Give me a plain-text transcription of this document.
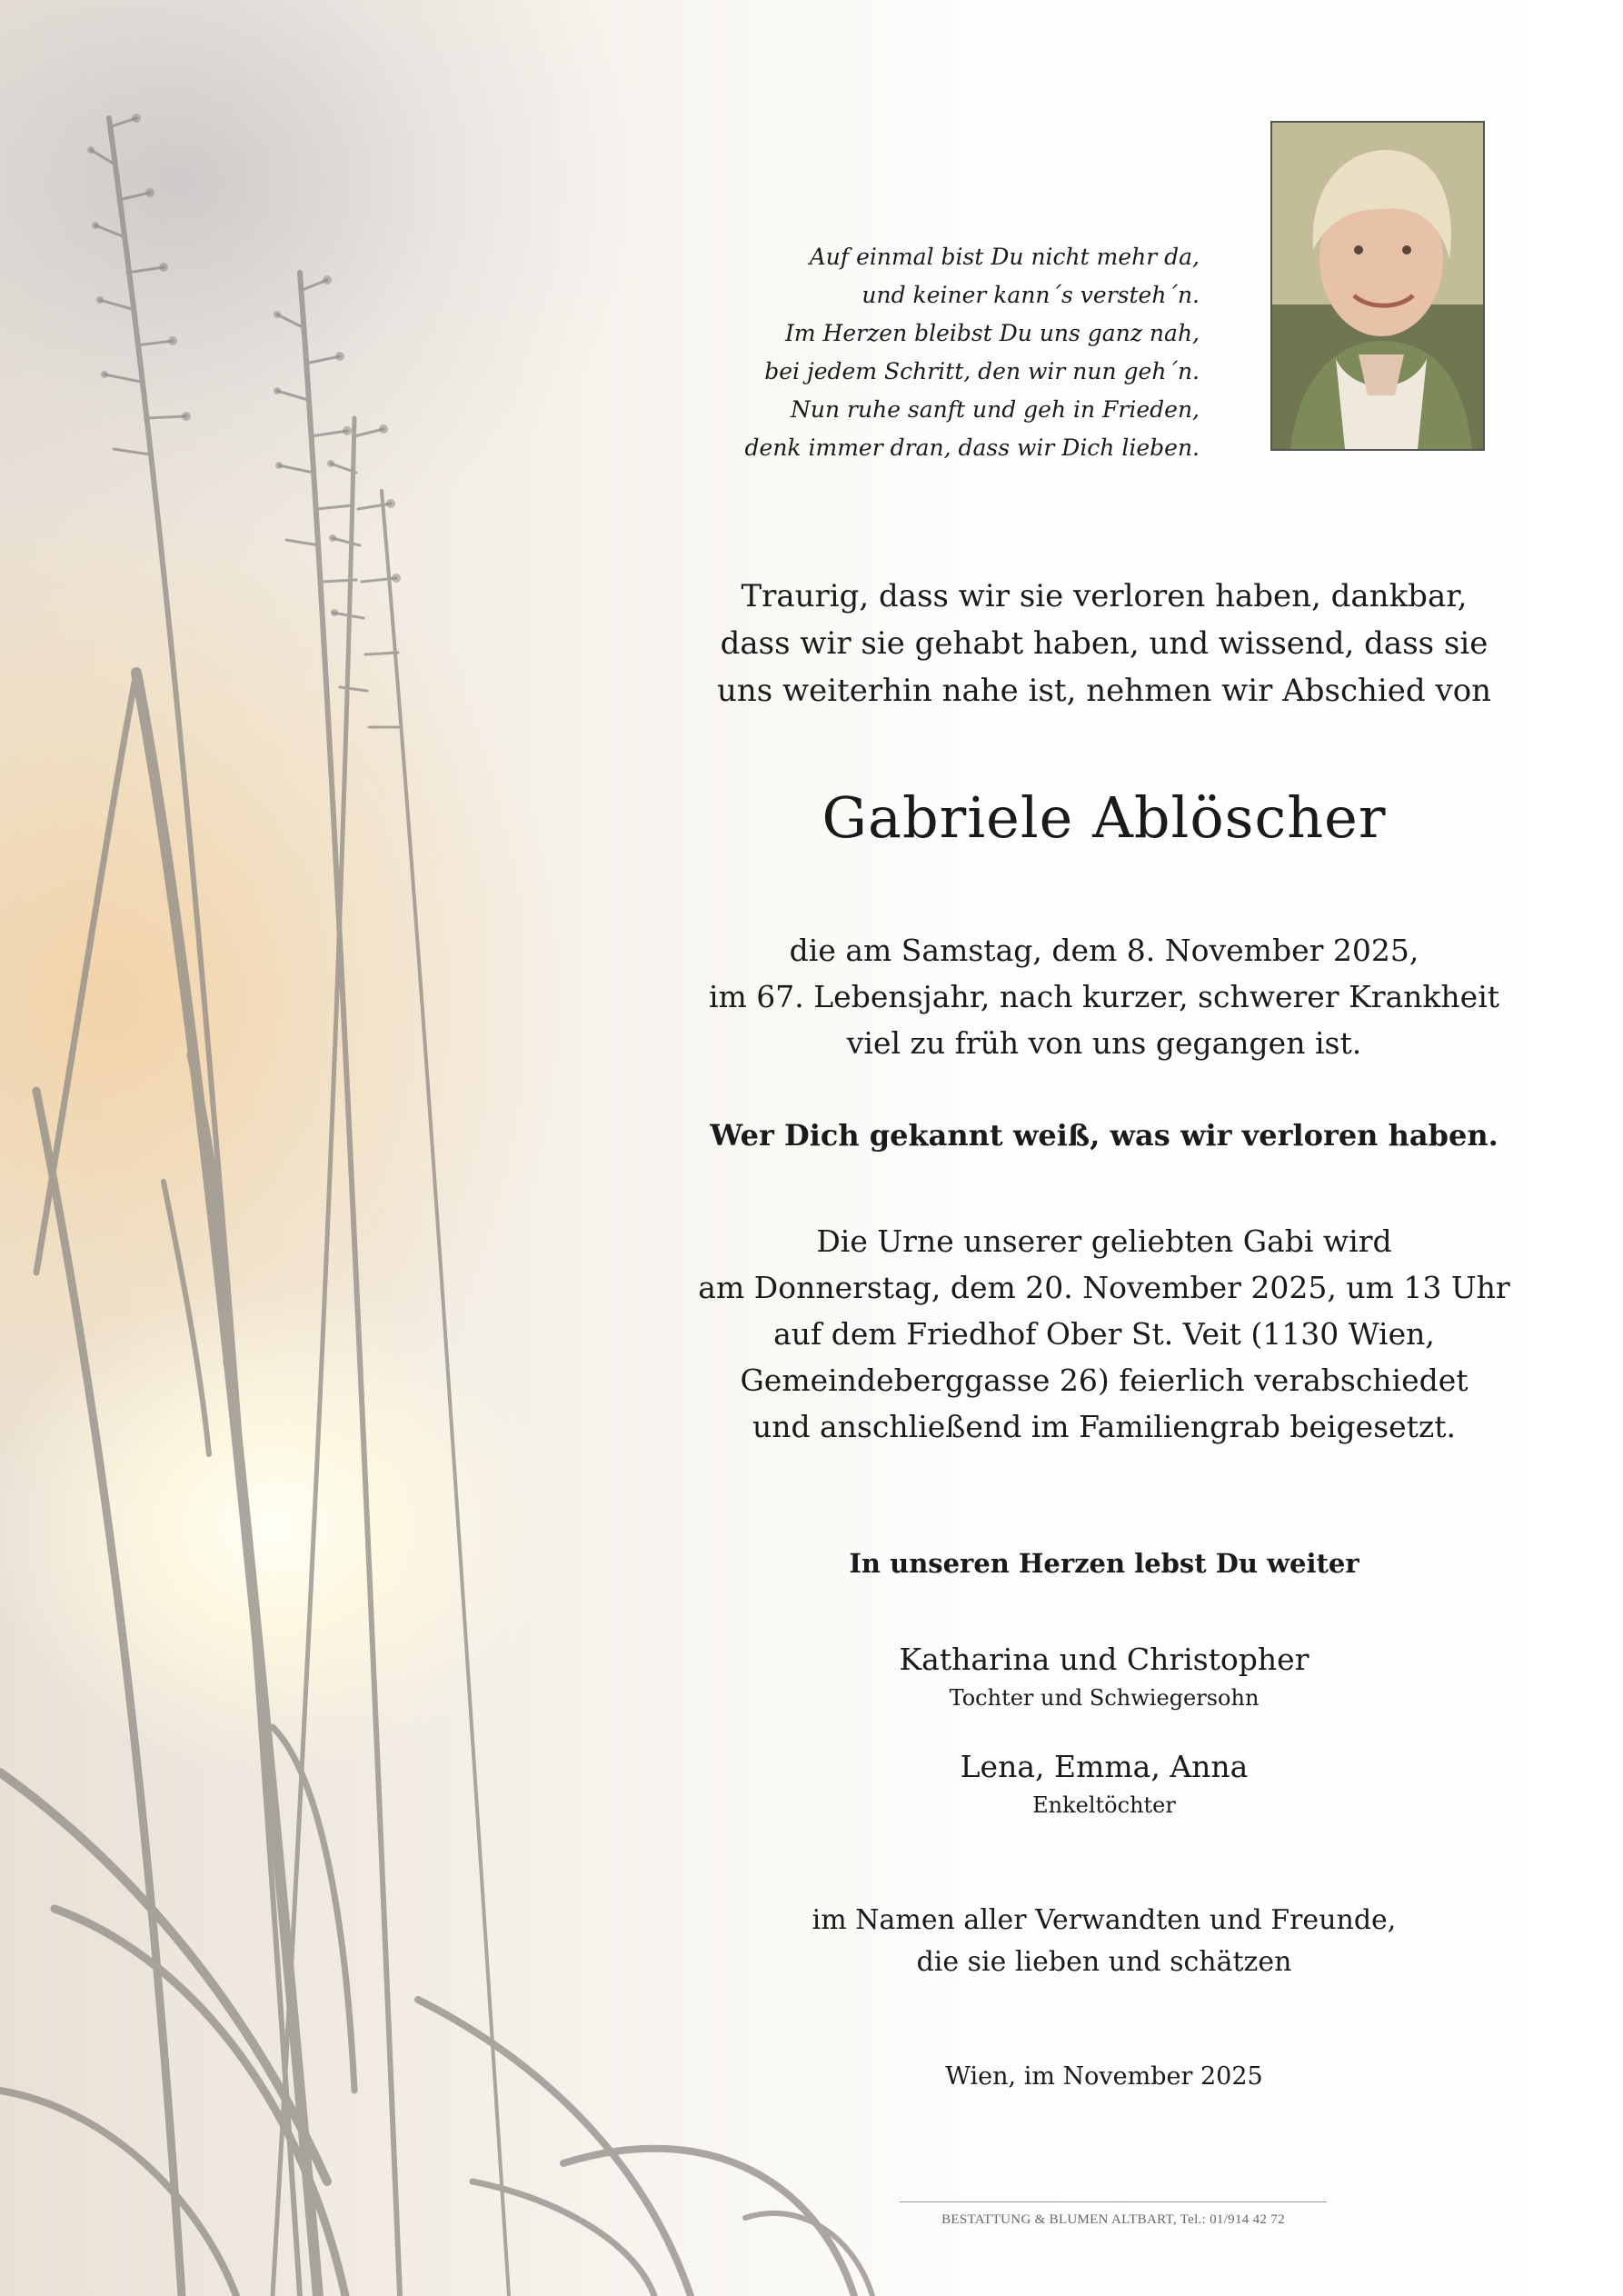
Auf einmal bist Du nicht mehr da,
und keiner kann´s versteh´n.
Im Herzen bleibst Du uns ganz nah,
bei jedem Schritt, den wir nun geh´n.
Nun ruhe sanft und geh in Frieden,
denk immer dran, dass wir Dich lieben.
Traurig, dass wir sie verloren haben, dankbar,
dass wir sie gehabt haben, und wissend, dass sie
uns weiterhin nahe ist, nehmen wir Abschied von
Gabriele Ablöscher
die am Samstag, dem 8. November 2025,
im 67. Lebensjahr, nach kurzer, schwerer Krankheit
viel zu früh von uns gegangen ist.
Wer Dich gekannt weiß, was wir verloren haben.
Die Urne unserer geliebten Gabi wird
am Donnerstag, dem 20. November 2025, um 13 Uhr
auf dem Friedhof Ober St. Veit (1130 Wien,
Gemeindeberggasse 26) feierlich verabschiedet
und anschließend im Familiengrab beigesetzt.
In unseren Herzen lebst Du weiter
Katharina und Christopher
Tochter und Schwiegersohn
Lena, Emma, Anna
Enkeltöchter
im Namen aller Verwandten und Freunde,
die sie lieben und schätzen
Wien, im November 2025
BESTATTUNG & BLUMEN ALTBART, Tel.: 01/914 42 72
